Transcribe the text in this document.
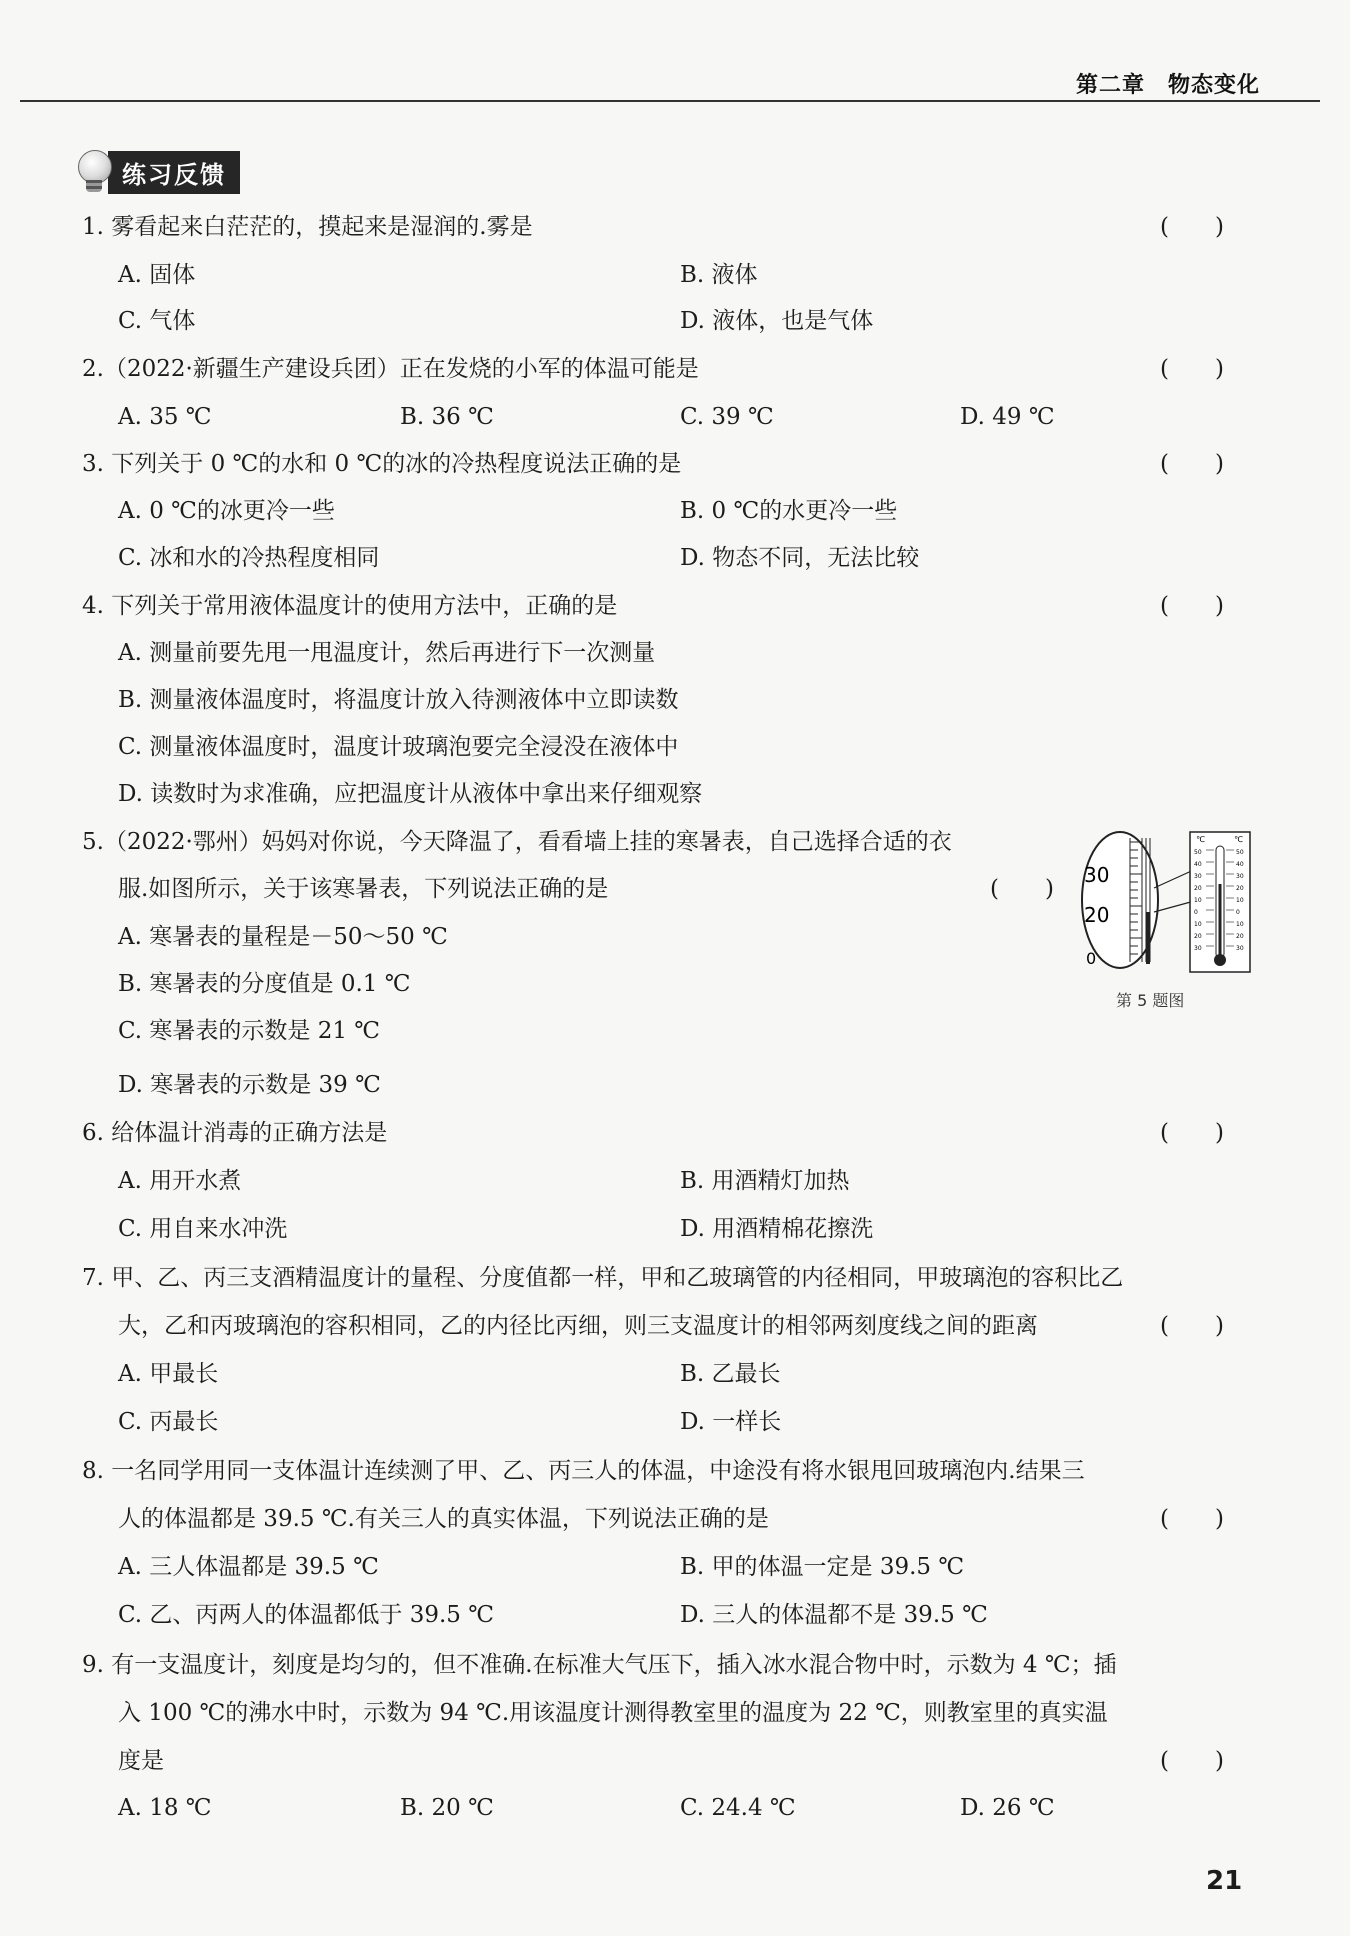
第二章　物态变化
练习反馈
1. 雾看起来白茫茫的，摸起来是湿润的.雾是	(　　)
A. 固体	B. 液体
C. 气体	D. 液体，也是气体
2.（2022·新疆生产建设兵团）正在发烧的小军的体温可能是	(　　)
A. 35 ℃	B. 36 ℃	C. 39 ℃	D. 49 ℃
3. 下列关于 0 ℃的水和 0 ℃的冰的冷热程度说法正确的是	(　　)
A. 0 ℃的冰更冷一些	B. 0 ℃的水更冷一些
C. 冰和水的冷热程度相同	D. 物态不同，无法比较
4. 下列关于常用液体温度计的使用方法中，正确的是	(　　)
A. 测量前要先甩一甩温度计，然后再进行下一次测量
B. 测量液体温度时，将温度计放入待测液体中立即读数
C. 测量液体温度时，温度计玻璃泡要完全浸没在液体中
D. 读数时为求准确，应把温度计从液体中拿出来仔细观察
5.（2022·鄂州）妈妈对你说，今天降温了，看看墙上挂的寒暑表，自己选择合适的衣
服.如图所示，关于该寒暑表，下列说法正确的是	(　　)
A. 寒暑表的量程是－50～50 ℃
B. 寒暑表的分度值是 0.1 ℃
C. 寒暑表的示数是 21 ℃
D. 寒暑表的示数是 39 ℃
30
20
0
℃	℃
50
40
30
20
10
0
10
20
30
50
40
30
20
10
0
10
20
30
第 5 题图
6. 给体温计消毒的正确方法是	(　　)
A. 用开水煮	B. 用酒精灯加热
C. 用自来水冲洗	D. 用酒精棉花擦洗
7. 甲、乙、丙三支酒精温度计的量程、分度值都一样，甲和乙玻璃管的内径相同，甲玻璃泡的容积比乙
大，乙和丙玻璃泡的容积相同，乙的内径比丙细，则三支温度计的相邻两刻度线之间的距离	(　　)
A. 甲最长	B. 乙最长
C. 丙最长	D. 一样长
8. 一名同学用同一支体温计连续测了甲、乙、丙三人的体温，中途没有将水银甩回玻璃泡内.结果三
人的体温都是 39.5 ℃.有关三人的真实体温，下列说法正确的是	(　　)
A. 三人体温都是 39.5 ℃	B. 甲的体温一定是 39.5 ℃
C. 乙、丙两人的体温都低于 39.5 ℃	D. 三人的体温都不是 39.5 ℃
9. 有一支温度计，刻度是均匀的，但不准确.在标准大气压下，插入冰水混合物中时，示数为 4 ℃；插
入 100 ℃的沸水中时，示数为 94 ℃.用该温度计测得教室里的温度为 22 ℃，则教室里的真实温
度是	(　　)
A. 18 ℃	B. 20 ℃	C. 24.4 ℃	D. 26 ℃
21
